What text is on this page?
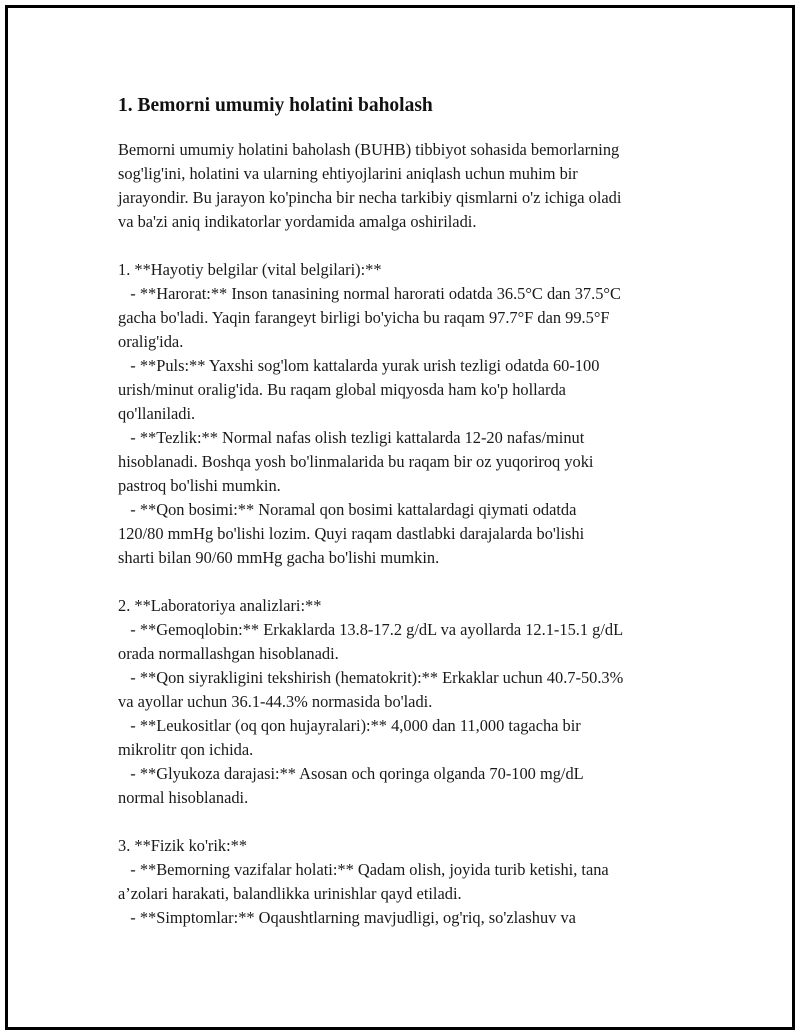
1. Bemorni umumiy holatini baholash
Bemorni umumiy holatini baholash (BUHB) tibbiyot sohasida bemorlarning
sog'lig'ini, holatini va ularning ehtiyojlarini aniqlash uchun muhim bir
jarayondir. Bu jarayon ko'pincha bir necha tarkibiy qismlarni o'z ichiga oladi
va ba'zi aniq indikatorlar yordamida amalga oshiriladi.
1. **Hayotiy belgilar (vital belgilari):**
- **Harorat:** Inson tanasining normal harorati odatda 36.5°C dan 37.5°C
gacha bo'ladi. Yaqin farangeyt birligi bo'yicha bu raqam 97.7°F dan 99.5°F
oralig'ida.
- **Puls:** Yaxshi sog'lom kattalarda yurak urish tezligi odatda 60-100
urish/minut oralig'ida. Bu raqam global miqyosda ham ko'p hollarda
qo'llaniladi.
- **Tezlik:** Normal nafas olish tezligi kattalarda 12-20 nafas/minut
hisoblanadi. Boshqa yosh bo'linmalarida bu raqam bir oz yuqoriroq yoki
pastroq bo'lishi mumkin.
- **Qon bosimi:** Noramal qon bosimi kattalardagi qiymati odatda
120/80 mmHg bo'lishi lozim. Quyi raqam dastlabki darajalarda bo'lishi
sharti bilan 90/60 mmHg gacha bo'lishi mumkin.
2. **Laboratoriya analizlari:**
- **Gemoqlobin:** Erkaklarda 13.8-17.2 g/dL va ayollarda 12.1-15.1 g/dL
orada normallashgan hisoblanadi.
- **Qon siyrakligini tekshirish (hematokrit):** Erkaklar uchun 40.7-50.3%
va ayollar uchun 36.1-44.3% normasida bo'ladi.
- **Leukositlar (oq qon hujayralari):** 4,000 dan 11,000 tagacha bir
mikrolitr qon ichida.
- **Glyukoza darajasi:** Asosan och qoringa olganda 70-100 mg/dL
normal hisoblanadi.
3. **Fizik ko'rik:**
- **Bemorning vazifalar holati:** Qadam olish, joyida turib ketishi, tana
a’zolari harakati, balandlikka urinishlar qayd etiladi.
- **Simptomlar:** Oqaushtlarning mavjudligi, og'riq, so'zlashuv va
